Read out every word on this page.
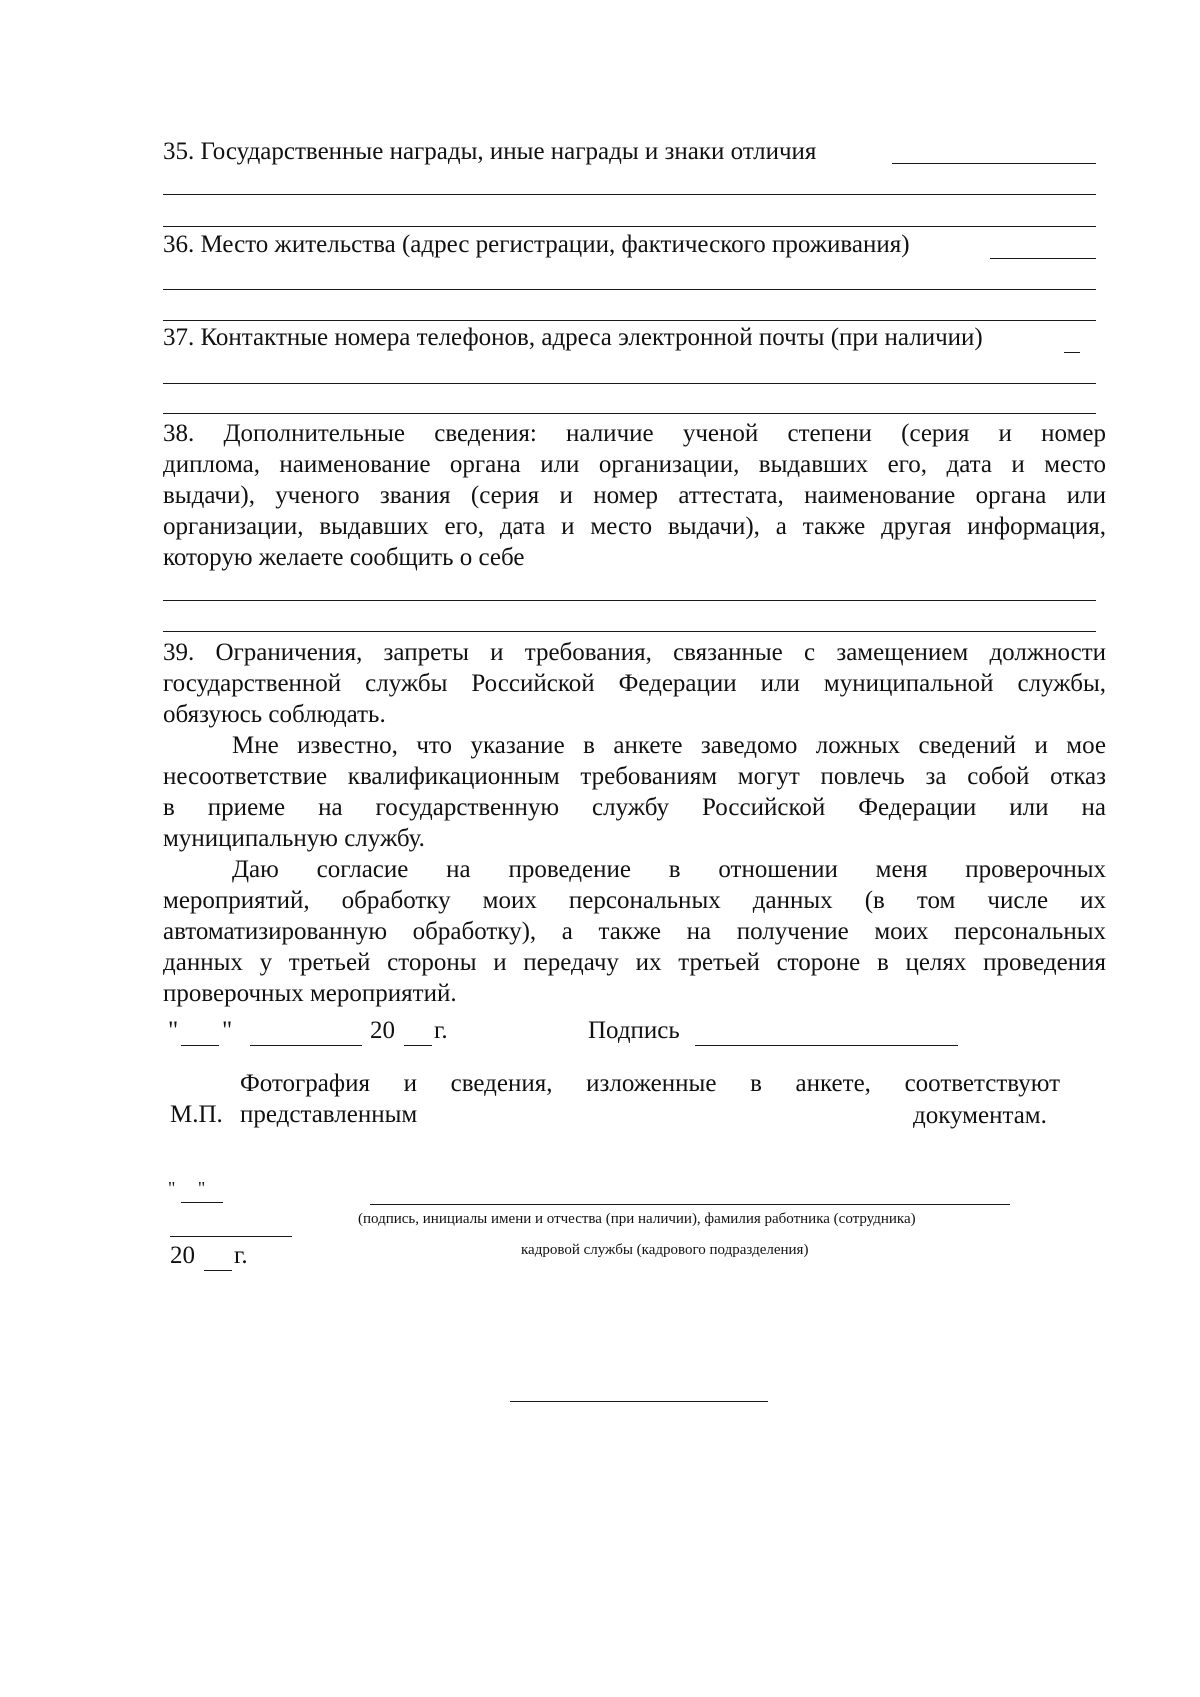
35. Государственные награды, иные награды и знаки отличия
36. Место жительства (адрес регистрации, фактического проживания)
37. Контактные номера телефонов, адреса электронной почты (при наличии)
38. Дополнительные сведения: наличие ученой степени (серия и номер
диплома, наименование органа или организации, выдавших его, дата и место
выдачи), ученого звания (серия и номер аттестата, наименование органа или
организации, выдавших его, дата и место выдачи), а также другая информация,
которую желаете сообщить о себе
39. Ограничения, запреты и требования, связанные с замещением должности
государственной службы Российской Федерации или муниципальной службы,
обязуюсь соблюдать.
Мне известно, что указание в анкете заведомо ложных сведений и мое
несоответствие квалификационным требованиям могут повлечь за собой отказ
в приеме на государственную службу Российской Федерации или на
муниципальную службу.
Даю согласие на проведение в отношении меня проверочных
мероприятий, обработку моих персональных данных (в том числе их
автоматизированную обработку), а также на получение моих персональных
данных у третьей стороны и передачу их третьей стороне в целях проведения
проверочных мероприятий.
" "	20 г.	Подпись
Фотография и сведения, изложенные в анкете, соответствуют
М.П. представленным	документам.
"     "
20 г.
(подпись, инициалы имени и отчества (при наличии), фамилия работника (сотрудника)
кадровой службы (кадрового подразделения)
